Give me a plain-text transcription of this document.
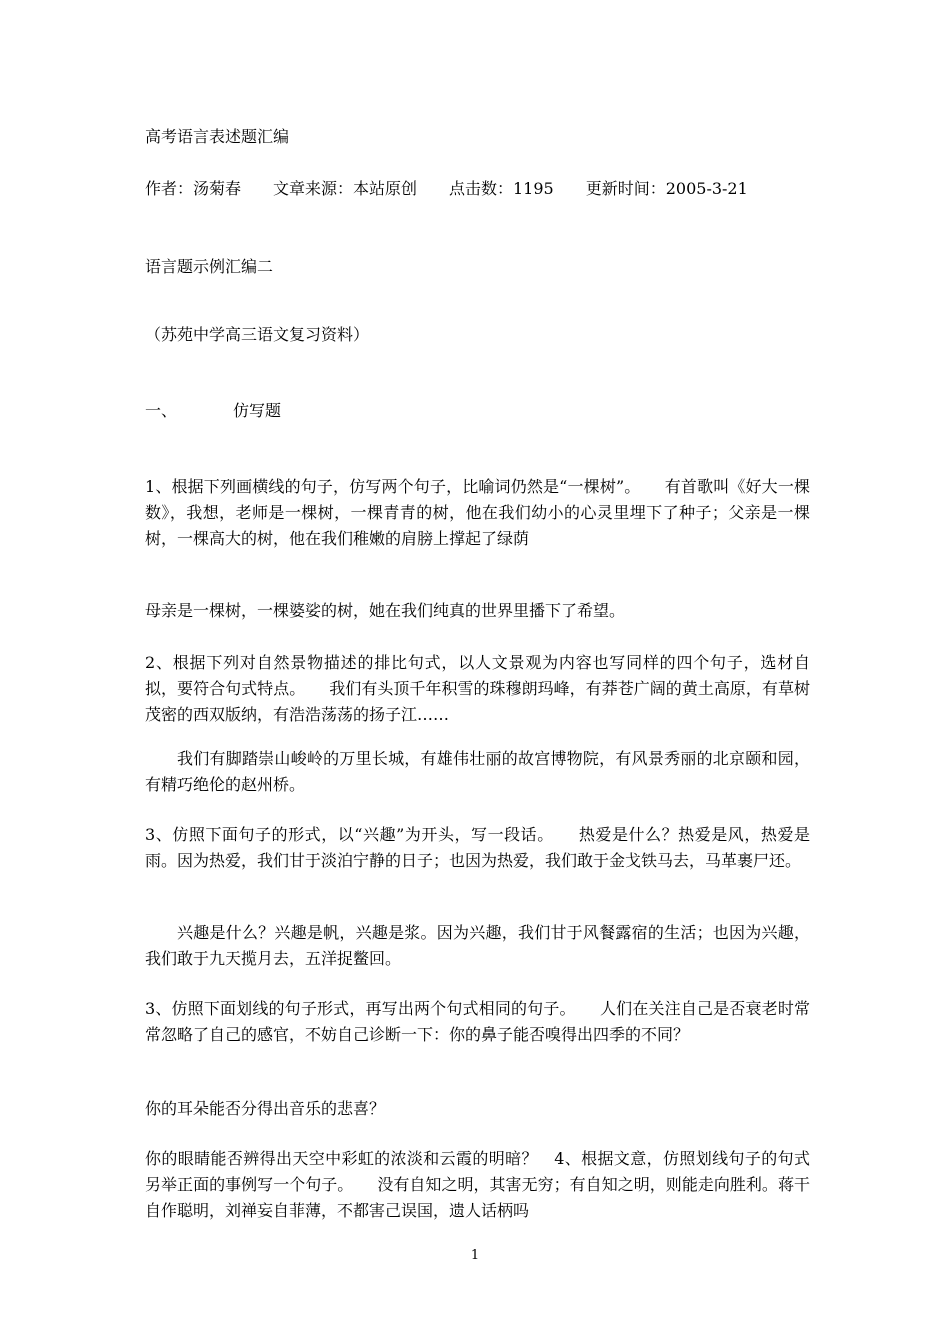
高考语言表述题汇编

作者：汤菊春　　文章来源：本站原创　　点击数：1195　　更新时间：2005-3-21

语言题示例汇编二

（苏苑中学高三语文复习资料）

一、　　　　仿写题

1、根据下列画横线的句子，仿写两个句子，比喻词仍然是“一棵树”。　　有首歌叫《好大一棵数》，我想，老师是一棵树，一棵青青的树，他在我们幼小的心灵里埋下了种子；父亲是一棵树，一棵高大的树，他在我们稚嫩的肩膀上撑起了绿荫

母亲是一棵树，一棵婆娑的树，她在我们纯真的世界里播下了希望。

2、根据下列对自然景物描述的排比句式，以人文景观为内容也写同样的四个句子，选材自拟，要符合句式特点。　　我们有头顶千年积雪的珠穆朗玛峰，有莽苍广阔的黄土高原，有草树茂密的西双版纳，有浩浩荡荡的扬子江……

我们有脚踏崇山峻岭的万里长城，有雄伟壮丽的故宫博物院，有风景秀丽的北京颐和园，有精巧绝伦的赵州桥。

3、仿照下面句子的形式，以“兴趣”为开头，写一段话。　　热爱是什么？热爱是风，热爱是雨。因为热爱，我们甘于淡泊宁静的日子；也因为热爱，我们敢于金戈铁马去，马革裹尸还。

兴趣是什么？兴趣是帆，兴趣是浆。因为兴趣，我们甘于风餐露宿的生活；也因为兴趣，我们敢于九天揽月去，五洋捉鳖回。

3、仿照下面划线的句子形式，再写出两个句式相同的句子。　　人们在关注自己是否衰老时常常忽略了自己的感官，不妨自己诊断一下：你的鼻子能否嗅得出四季的不同？

你的耳朵能否分得出音乐的悲喜？

你的眼睛能否辨得出天空中彩虹的浓淡和云霞的明暗？　4、根据文意，仿照划线句子的句式另举正面的事例写一个句子。　　没有自知之明，其害无穷；有自知之明，则能走向胜利。蒋干自作聪明，刘禅妄自菲薄，不都害己误国，遗人话柄吗

1
